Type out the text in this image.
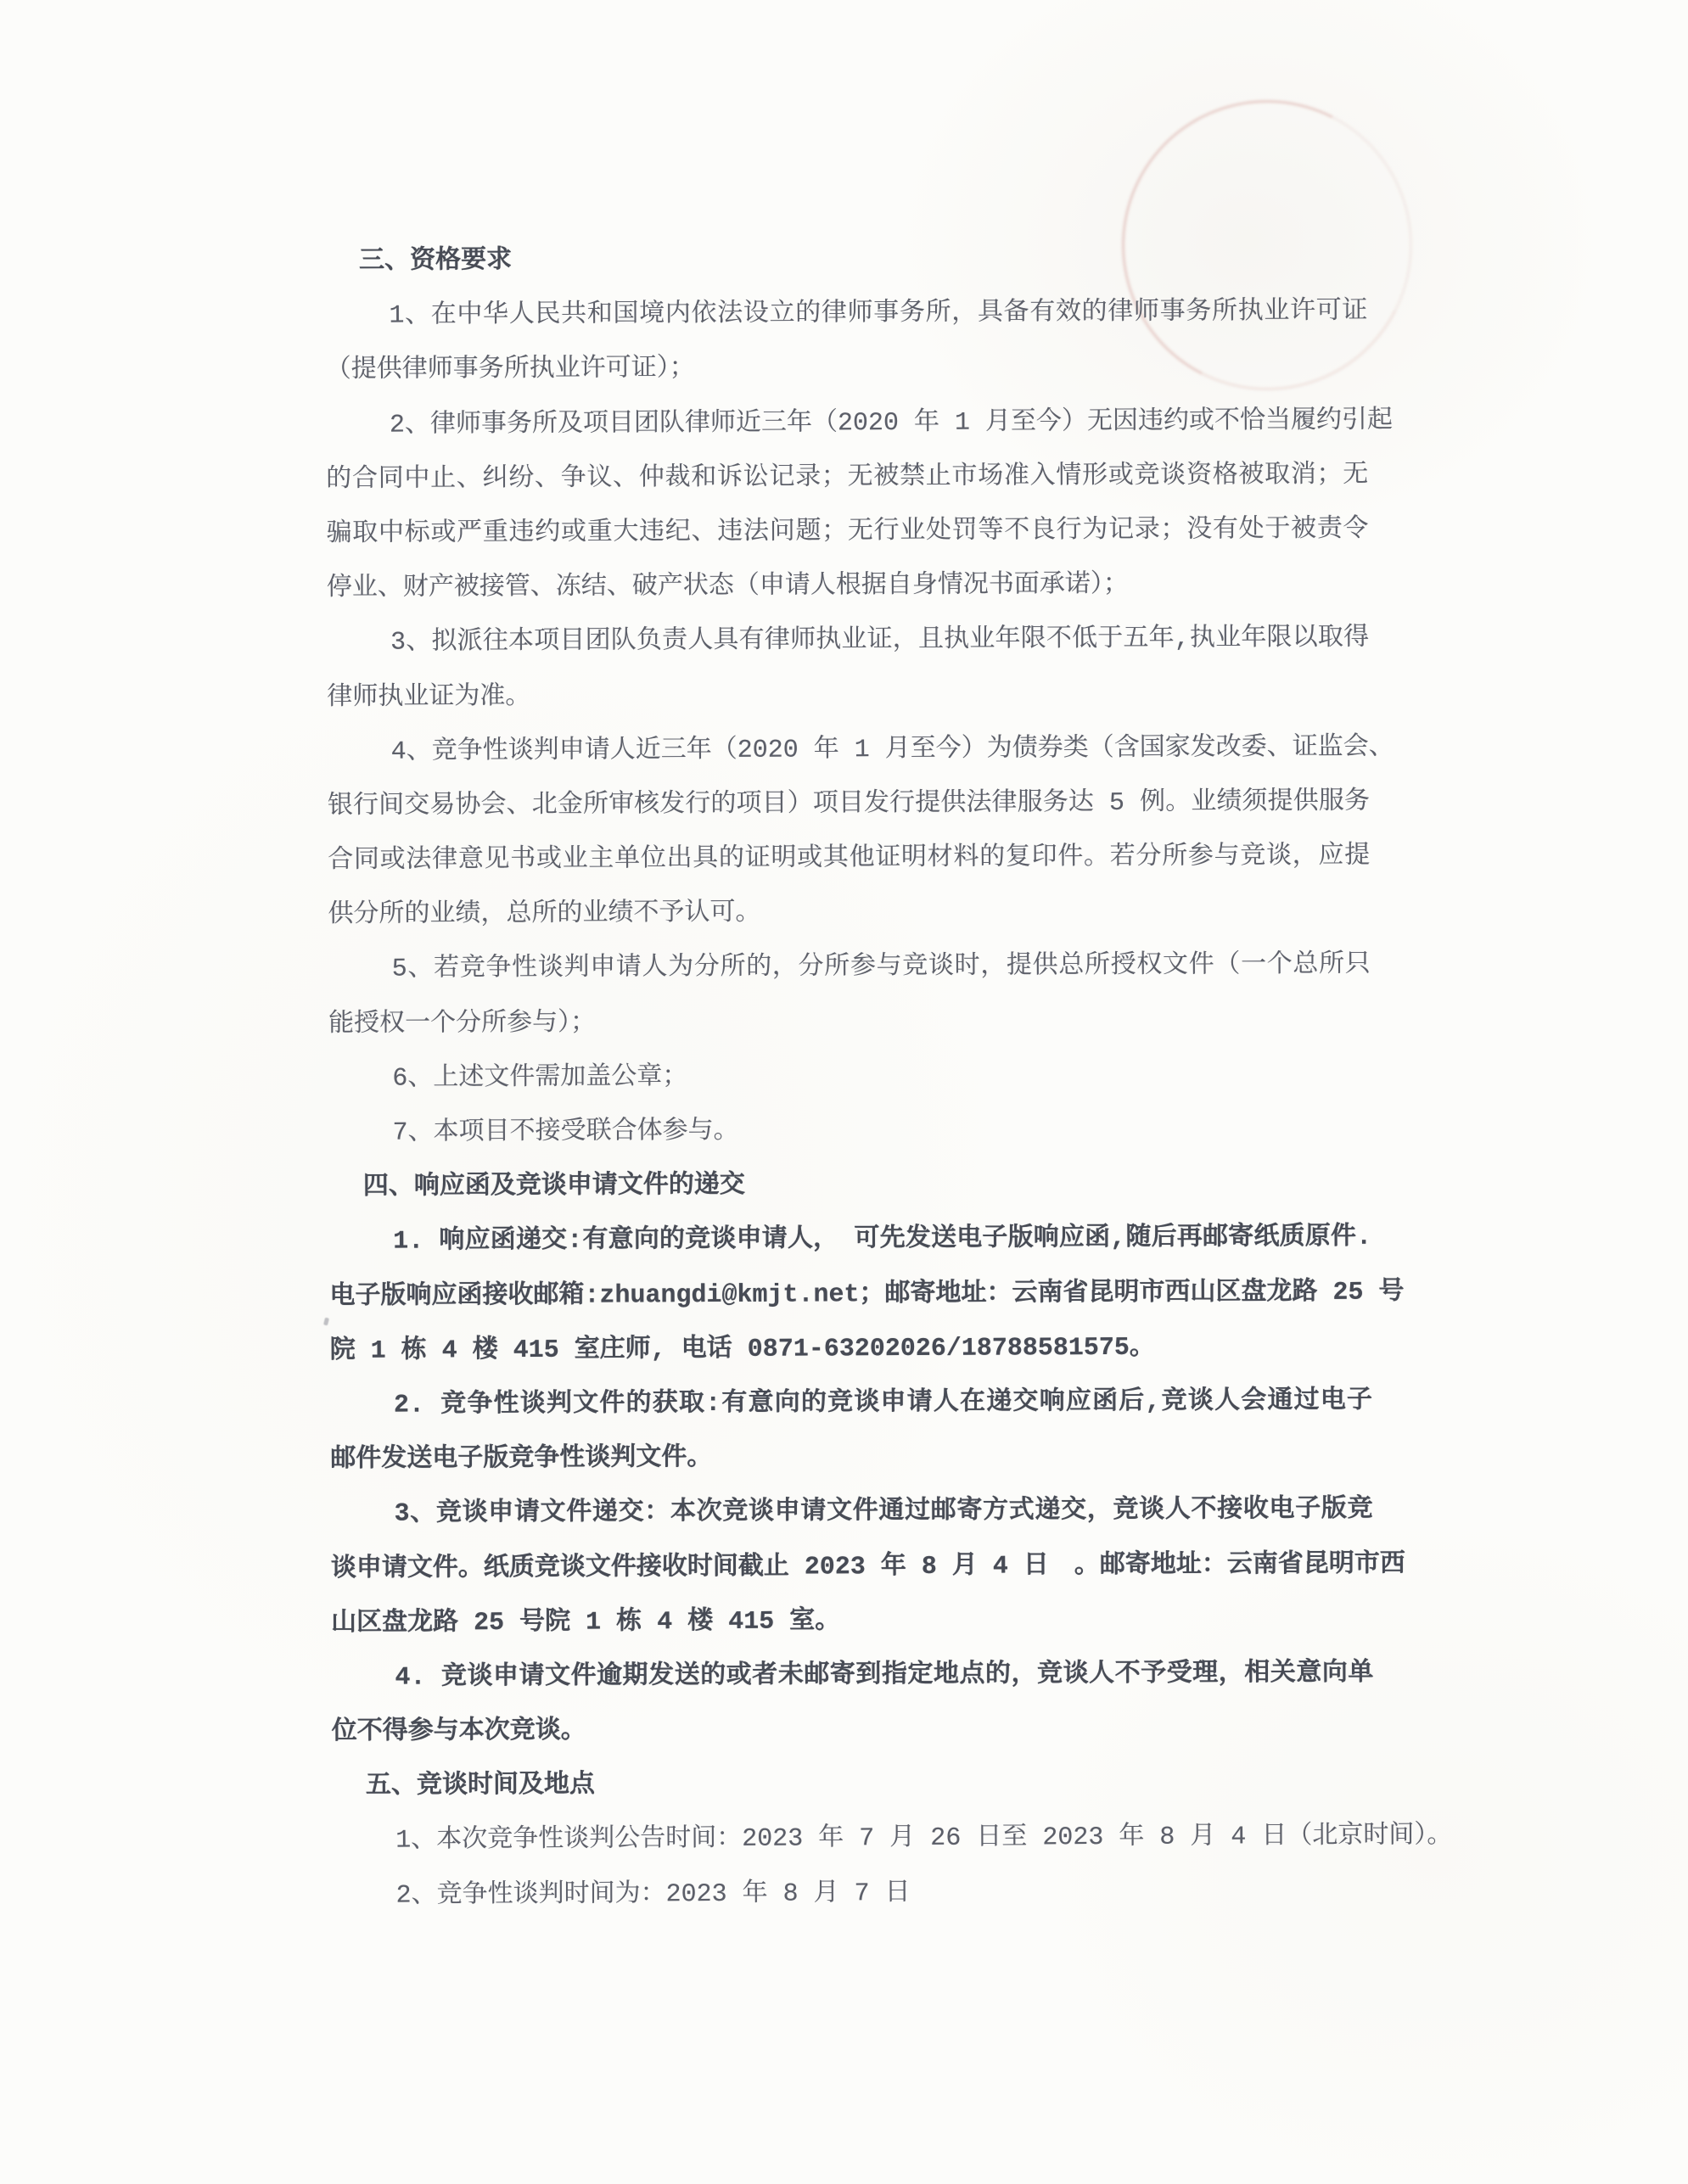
三、资格要求
1、在中华人民共和国境内依法设立的律师事务所，具备有效的律师事务所执业许可证
（提供律师事务所执业许可证）；
2、律师事务所及项目团队律师近三年（2020 年 1 月至今）无因违约或不恰当履约引起
的合同中止、纠纷、争议、仲裁和诉讼记录；无被禁止市场准入情形或竞谈资格被取消；无
骗取中标或严重违约或重大违纪、违法问题；无行业处罚等不良行为记录；没有处于被责令
停业、财产被接管、冻结、破产状态（申请人根据自身情况书面承诺）；
3、拟派往本项目团队负责人具有律师执业证，且执业年限不低于五年,执业年限以取得
律师执业证为准。
4、竞争性谈判申请人近三年（2020 年 1 月至今）为债券类（含国家发改委、证监会、
银行间交易协会、北金所审核发行的项目）项目发行提供法律服务达 5 例。业绩须提供服务
合同或法律意见书或业主单位出具的证明或其他证明材料的复印件。若分所参与竞谈，应提
供分所的业绩，总所的业绩不予认可。
5、若竞争性谈判申请人为分所的，分所参与竞谈时，提供总所授权文件（一个总所只
能授权一个分所参与）；
6、上述文件需加盖公章；
7、本项目不接受联合体参与。
四、响应函及竞谈申请文件的递交
1. 响应函递交:有意向的竞谈申请人， 可先发送电子版响应函,随后再邮寄纸质原件.
电子版响应函接收邮箱:zhuangdi@kmjt.net；邮寄地址：云南省昆明市西山区盘龙路 25 号
院 1 栋 4 楼 415 室庄师, 电话 0871-63202026/18788581575。
2. 竞争性谈判文件的获取:有意向的竞谈申请人在递交响应函后,竞谈人会通过电子
邮件发送电子版竞争性谈判文件。
3、竞谈申请文件递交：本次竞谈申请文件通过邮寄方式递交，竞谈人不接收电子版竞
谈申请文件。纸质竞谈文件接收时间截止 2023 年 8 月 4 日　。邮寄地址：云南省昆明市西
山区盘龙路 25 号院 1 栋 4 楼 415 室。
4. 竞谈申请文件逾期发送的或者未邮寄到指定地点的，竞谈人不予受理，相关意向单
位不得参与本次竞谈。
五、竞谈时间及地点
1、本次竞争性谈判公告时间：2023 年 7 月 26 日至 2023 年 8 月 4 日（北京时间）。
2、竞争性谈判时间为：2023 年 8 月 7 日
